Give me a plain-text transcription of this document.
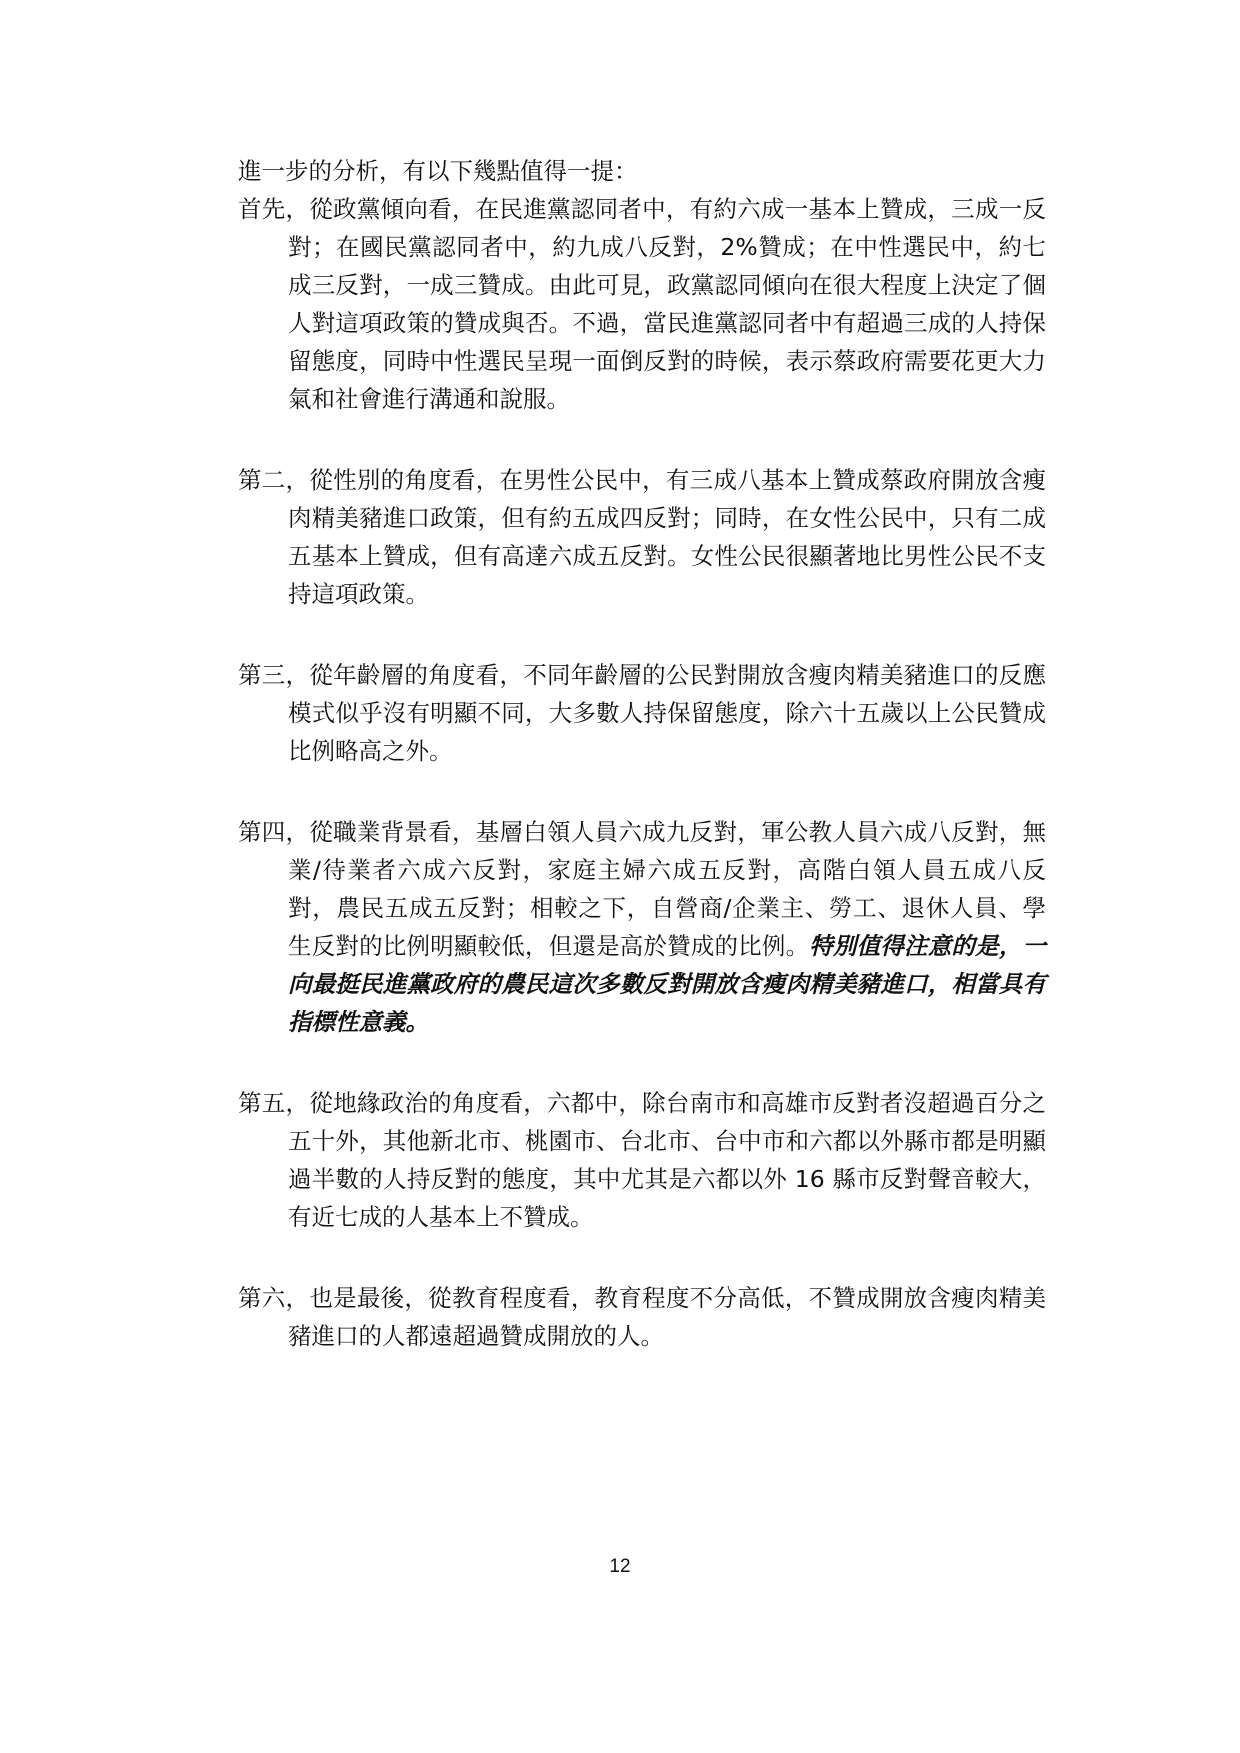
進一步的分析，有以下幾點值得一提：

首先，從政黨傾向看，在民進黨認同者中，有約六成一基本上贊成，三成一反對；在國民黨認同者中，約九成八反對，2%贊成；在中性選民中，約七成三反對，一成三贊成。由此可見，政黨認同傾向在很大程度上決定了個人對這項政策的贊成與否。不過，當民進黨認同者中有超過三成的人持保留態度，同時中性選民呈現一面倒反對的時候，表示蔡政府需要花更大力氣和社會進行溝通和說服。

第二，從性別的角度看，在男性公民中，有三成八基本上贊成蔡政府開放含瘦肉精美豬進口政策，但有約五成四反對；同時，在女性公民中，只有二成五基本上贊成，但有高達六成五反對。女性公民很顯著地比男性公民不支持這項政策。

第三，從年齡層的角度看，不同年齡層的公民對開放含瘦肉精美豬進口的反應模式似乎沒有明顯不同，大多數人持保留態度，除六十五歲以上公民贊成比例略高之外。

第四，從職業背景看，基層白領人員六成九反對，軍公教人員六成八反對，無業/待業者六成六反對，家庭主婦六成五反對，高階白領人員五成八反對，農民五成五反對；相較之下，自營商/企業主、勞工、退休人員、學生反對的比例明顯較低，但還是高於贊成的比例。特別值得注意的是，一向最挺民進黨政府的農民這次多數反對開放含瘦肉精美豬進口，相當具有指標性意義。

第五，從地緣政治的角度看，六都中，除台南市和高雄市反對者沒超過百分之五十外，其他新北市、桃園市、台北市、台中市和六都以外縣市都是明顯過半數的人持反對的態度，其中尤其是六都以外 16 縣市反對聲音較大，有近七成的人基本上不贊成。

第六，也是最後，從教育程度看，教育程度不分高低，不贊成開放含瘦肉精美豬進口的人都遠超過贊成開放的人。

12
